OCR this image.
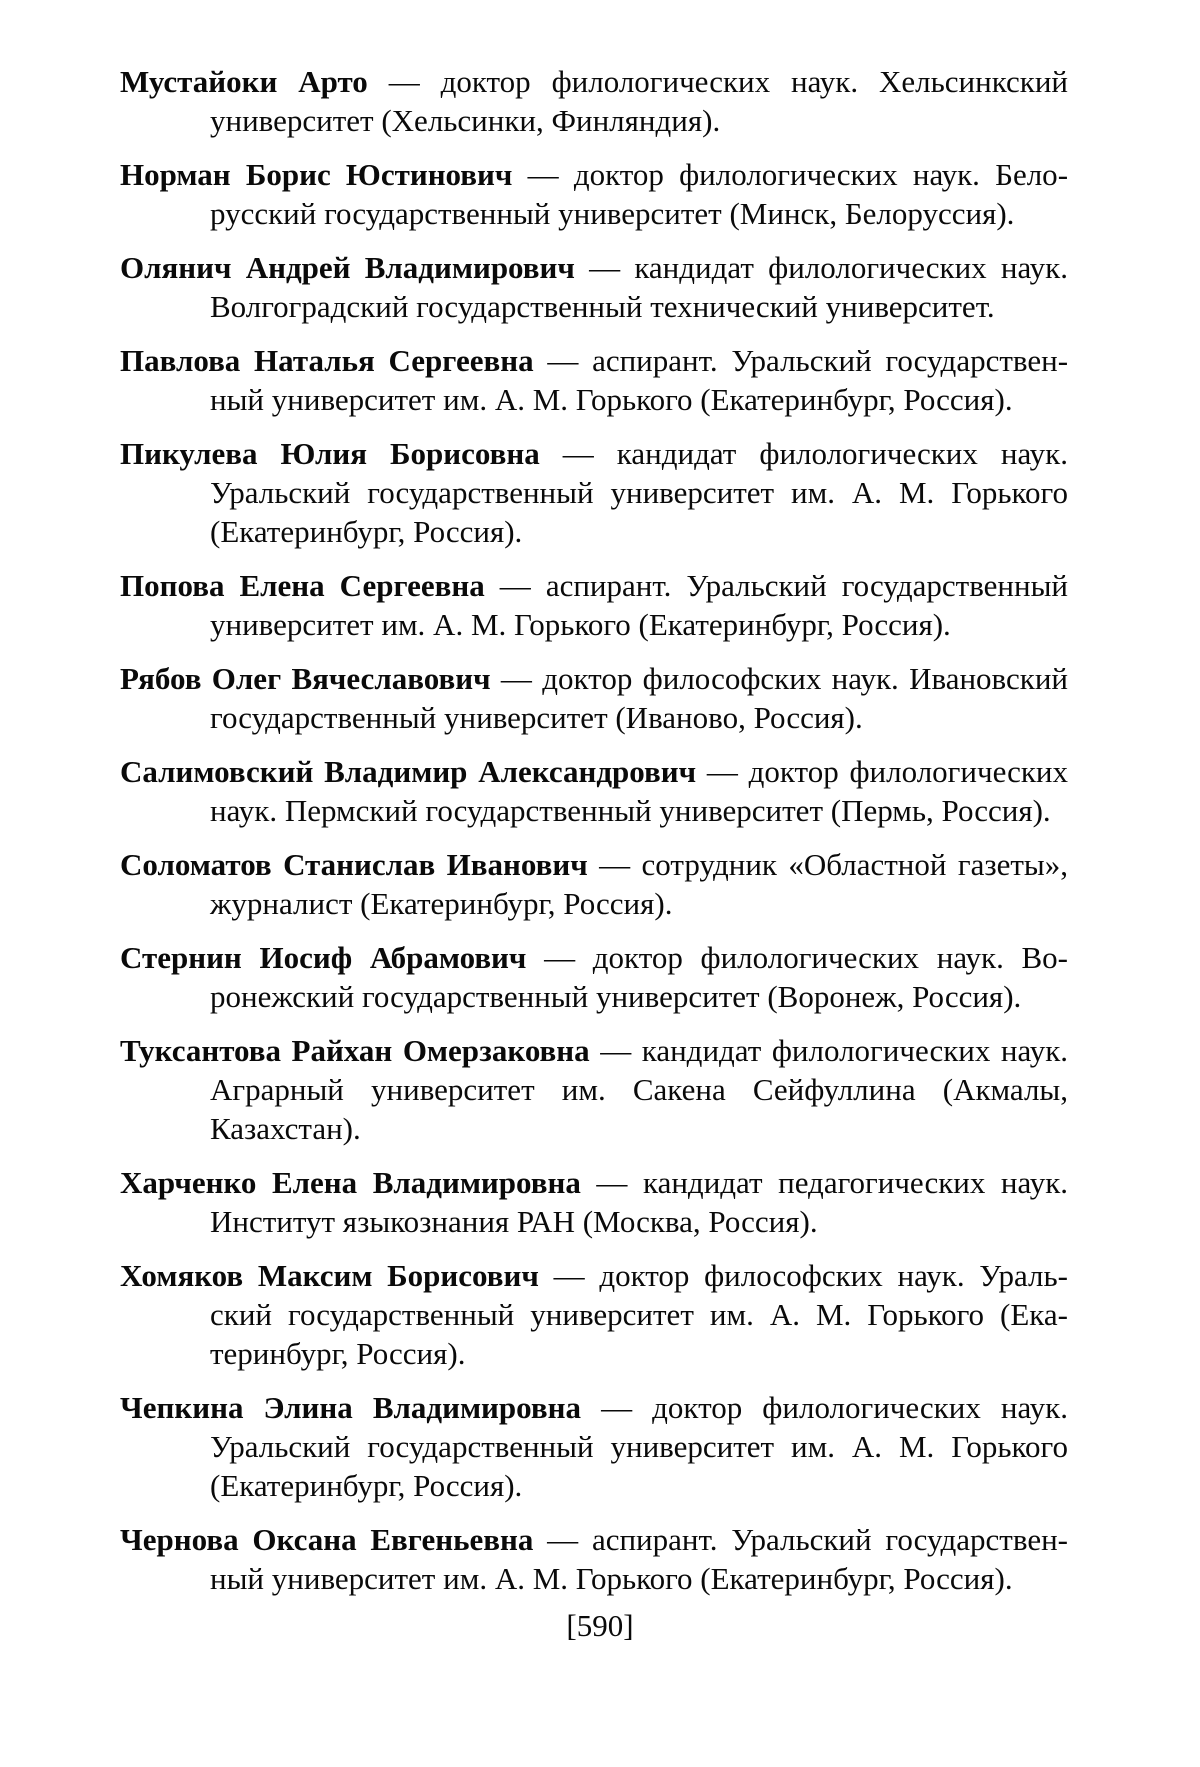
Мустайоки Арто — доктор филологических наук. Хельсинкский университет (Хельсинки, Финляндия).

Норман Борис Юстинович — доктор филологических наук. Белорусский государственный университет (Минск, Белоруссия).

Олянич Андрей Владимирович — кандидат филологических наук. Волгоградский государственный технический университет.

Павлова Наталья Сергеевна — аспирант. Уральский государственный университет им. А. М. Горького (Екатеринбург, Россия).

Пикулева Юлия Борисовна — кандидат филологических наук. Уральский государственный университет им. А. М. Горького (Екатеринбург, Россия).

Попова Елена Сергеевна — аспирант. Уральский государственный университет им. А. М. Горького (Екатеринбург, Россия).

Рябов Олег Вячеславович — доктор философских наук. Ивановский государственный университет (Иваново, Россия).

Салимовский Владимир Александрович — доктор филологических наук. Пермский государственный университет (Пермь, Россия).

Соломатов Станислав Иванович — сотрудник «Областной газеты», журналист (Екатеринбург, Россия).

Стернин Иосиф Абрамович — доктор филологических наук. Воронежский государственный университет (Воронеж, Россия).

Туксантова Райхан Омерзаковна — кандидат филологических наук. Аграрный университет им. Сакена Сейфуллина (Акмалы, Казахстан).

Харченко Елена Владимировна — кандидат педагогических наук. Институт языкознания РАН (Москва, Россия).

Хомяков Максим Борисович — доктор философских наук. Уральский государственный университет им. А. М. Горького (Екатеринбург, Россия).

Чепкина Элина Владимировна — доктор филологических наук. Уральский государственный университет им. А. М. Горького (Екатеринбург, Россия).

Чернова Оксана Евгеньевна — аспирант. Уральский государственный университет им. А. М. Горького (Екатеринбург, Россия).

[590]
